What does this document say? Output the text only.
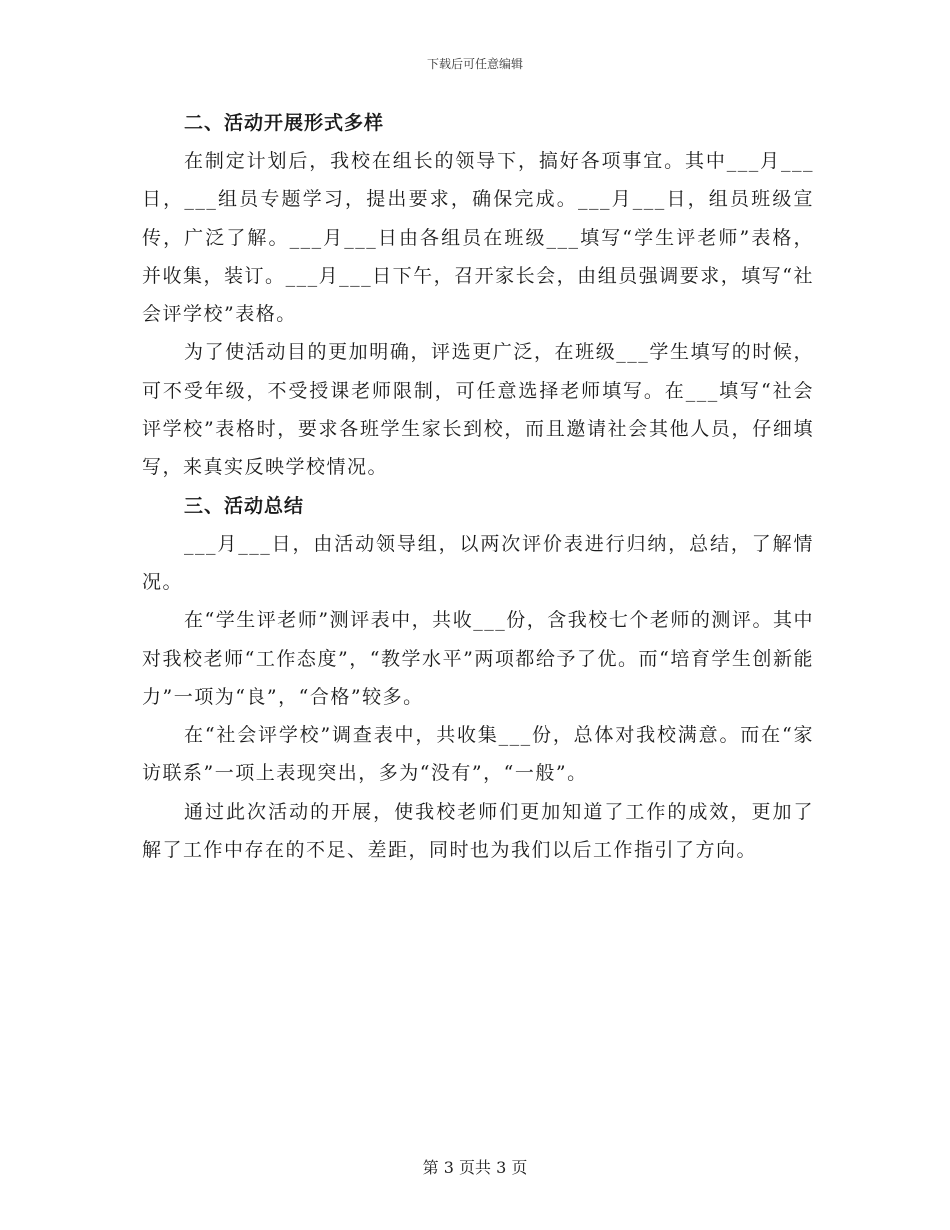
下载后可任意编辑
二、活动开展形式多样

在制定计划后，我校在组长的领导下，搞好各项事宜。其中___月___日，___组员专题学习，提出要求，确保完成。___月___日，组员班级宣传，广泛了解。___月___日由各组员在班级___填写“学生评老师”表格，并收集，装订。___月___日下午，召开家长会，由组员强调要求，填写“社会评学校”表格。

为了使活动目的更加明确，评选更广泛，在班级___学生填写的时候，可不受年级，不受授课老师限制，可任意选择老师填写。在___填写“社会评学校”表格时，要求各班学生家长到校，而且邀请社会其他人员，仔细填写，来真实反映学校情况。

三、活动总结

___月___日，由活动领导组，以两次评价表进行归纳，总结，了解情况。

在“学生评老师”测评表中，共收___份，含我校七个老师的测评。其中对我校老师“工作态度”，“教学水平”两项都给予了优。而“培育学生创新能力”一项为“良”，“合格”较多。

在“社会评学校”调查表中，共收集___份，总体对我校满意。而在“家访联系”一项上表现突出，多为“没有”，“一般”。

通过此次活动的开展，使我校老师们更加知道了工作的成效，更加了解了工作中存在的不足、差距，同时也为我们以后工作指引了方向。

第 3 页共 3 页
